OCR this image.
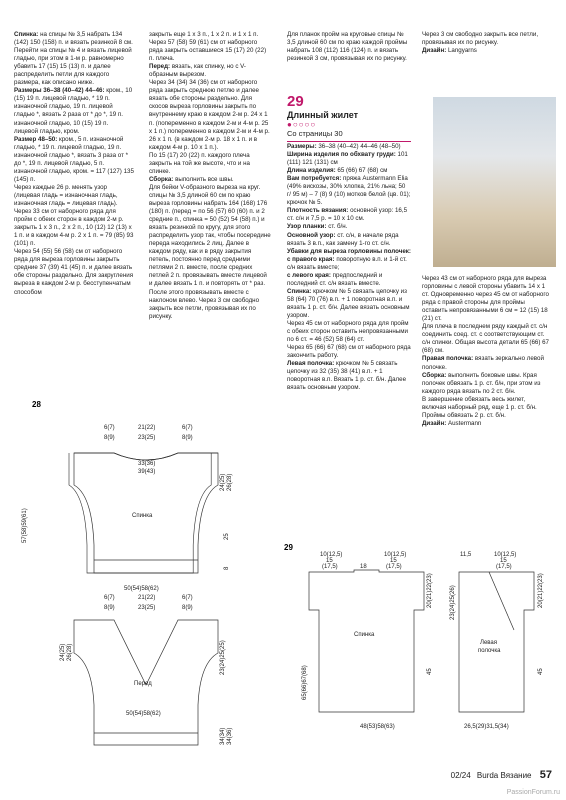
Спинка: на спицы № 3,5 набрать 134 (142) 150 (158) п. и вязать резинкой 8 см.

Перейти на спицы № 4 и вязать лицевой гладью, при этом в 1-м р. равномерно убавить 17 (15) 15 (13) п. и далее распределить петли для каждого размера, как описано ниже.

Размеры 36–38 (40–42) 44–46: кром., 10 (15) 19 п. лицевой гладью, * 19 п. изнаночной гладью, 19 п. лицевой гладью *, вязать 2 раза от * до *, 19 п. изнаночной гладью, 10 (15) 19 п. лицевой гладью, кром.

Размер 48–50: кром., 5 п. изнаночной гладью, * 19 п. лицевой гладью, 19 п. изнаночной гладью *, вязать 3 раза от * до *, 19 п. лицевой гладью, 5 п. изнаночной гладью, кром. = 117 (127) 135 (145) п.

Через каждые 26 р. менять узор (лицевая гладь = изнаночная гладь, изнаночная гладь = лицевая гладь).

Через 33 см от наборного ряда для пройм с обеих сторон в каждом 2-м р. закрыть 1 х 3 п., 2 х 2 п., 10 (12) 12 (13) х 1 п. и в каждом 4-м р. 2 х 1 п. = 79 (85) 93 (101) п.

Через 54 (55) 56 (58) см от наборного ряда для выреза горловины закрыть средние 37 (39) 41 (45) п. и далее вязать обе стороны раздельно. Для закругления выреза в каждом 2-м р. бесступенчатым способом

закрыть еще 1 х 3 п., 1 х 2 п. и 1 х 1 п.

Через 57 (58) 59 (61) см от наборного ряда закрыть оставшиеся 15 (17) 20 (22) п. плеча.

Перед: вязать, как спинку, но с V-образным вырезом.

Через 34 (34) 34 (36) см от наборного ряда закрыть среднюю петлю и далее вязать обе стороны раздельно. Для скосов выреза горловины закрыть по внутреннему краю в каждом 2-м р. 24 х 1 п. (попеременно в каждом 2-м и 4-м р. 25 х 1 п.) попеременно в каждом 2-м и 4-м р. 26 х 1 п. (в каждом 2-м р. 18 х 1 п. и в каждом 4-м р. 10 х 1 п.).

По 15 (17) 20 (22) п. каждого плеча закрыть на той же высоте, что и на спинке.

Сборка: выполнить все швы.

Для бейки V-образного выреза на круг. спицы № 3,5 длиной 60 см по краю выреза горловины набрать 164 (168) 176 (180) п. (перед = по 56 (57) 60 (60) п. и 2 средние п., спинка = 50 (52) 54 (58) п.) и вязать резинкой по кругу, для этого распределить узор так, чтобы посередине переда находились 2 лиц. Далее в каждом ряду, как и в ряду закрытия петель, постоянно перед средними петлями 2 п. вместе, после средних петлей 2 п. провязывать вместе лицевой и далее вязать 1 п. и повторять от * раз. После этого провязывать вместе с наклоном влево. Через 3 см свободно закрыть все петли, провязывая их по рисунку.

Для планок пройм на круговые спицы № 3,5 длиной 60 см по краю каждой проймы набрать 108 (112) 116 (124) п. и вязать резинкой 3 см, провязывая их по рисунку.

Через 3 см свободно закрыть все петли, провязывая их по рисунку.

Дизайн: Langyarns

29
Длинный жилет
●○○○○
Со страницы 30

Размеры: 36–38 (40–42) 44–46 (48–50)

Ширина изделия по обхвату груди: 101 (111) 121 (131) см

Длина изделия: 65 (66) 67 (68) см

Вам потребуется: пряжа Austermann Elia (49% вискозы, 30% хлопка, 21% льна; 50 г/ 95 м) – 7 (8) 9 (10) мотков белой (цв. 01); крючок № 5.

Плотность вязания: основной узор: 16,5 ст. с/н и 7,5 р. = 10 х 10 см.

Узор планки: ст. б/н.

Основной узор: ст. с/н, в начале ряда вязать 3 в.п., как замену 1-го ст. с/н.

Убавки для выреза горловины полочек:

с правого края: поворотную в.п. и 1-й ст. с/н вязать вместе;

с левого края: предпоследний и последний ст. с/н вязать вместе.

Спинка: крючком № 5 связать цепочку из 58 (64) 70 (76) в.п. + 1 поворотная в.п. и вязать 1 р. ст. б/н. Далее вязать основным узором.

Через 45 см от наборного ряда для пройм с обеих сторон оставить непровязанными по 6 ст. = 46 (52) 58 (64) ст.

Через 65 (66) 67 (68) см от наборного ряда закончить работу.

Левая полочка: крючком № 5 связать цепочку из 32 (35) 38 (41) в.п. + 1 поворотная в.п. Вязать 1 р. ст. б/н. Далее вязать основным узором.

Через 43 см от наборного ряда для выреза горловины с левой стороны убавить 14 х 1 ст. Одновременно через 45 см от наборного ряда с правой стороны для проймы оставить непровязанными 6 см = 12 (15) 18 (21) ст.

Для плеча в последнем ряду каждый ст. с/н соединить соед. ст. с соответствующим ст. с/н спинки. Общая высота детали 65 (66) 67 (68) см.

Правая полочка: вязать зеркально левой полочке.

Сборка: выполнить боковые швы. Края полочек обвязать 1 р. ст. б/н, при этом из каждого ряда вязать по 2 ст. б/н.

В завершение обвязать весь жилет, включая наборный ряд, еще 1 р. ст. б/н. Проймы обвязать 2 р. ст. б/н.

Дизайн: Austermann

28
Спинка
33(36)
39(43)
50(54)58(62)
6(7)
8(9)
21(22)
23(25)
6(7)
8(9)
24(25) 26(28)
25
8
57(58)59(61)
Перед
6(7)
8(9)
21(22)
23(25)
6(7)
8(9)
50(54)58(62)
24(25) 26(28)	23(24)25(25)
34(34) 34(36)
29
Спинка
Левая
полочка
10(12,5)
15
(17,5)	18
10(12,5)
15
(17,5)
48(53)58(63)
65(66)67(68)	45
20(21)22(23)
11,5	10(12,5)
15
(17,5)
23(24)25(26)	20(21)22(23)
45
26,5(29)31,5(34)
02/24 Burda Вязание 57
PassionForum.ru
